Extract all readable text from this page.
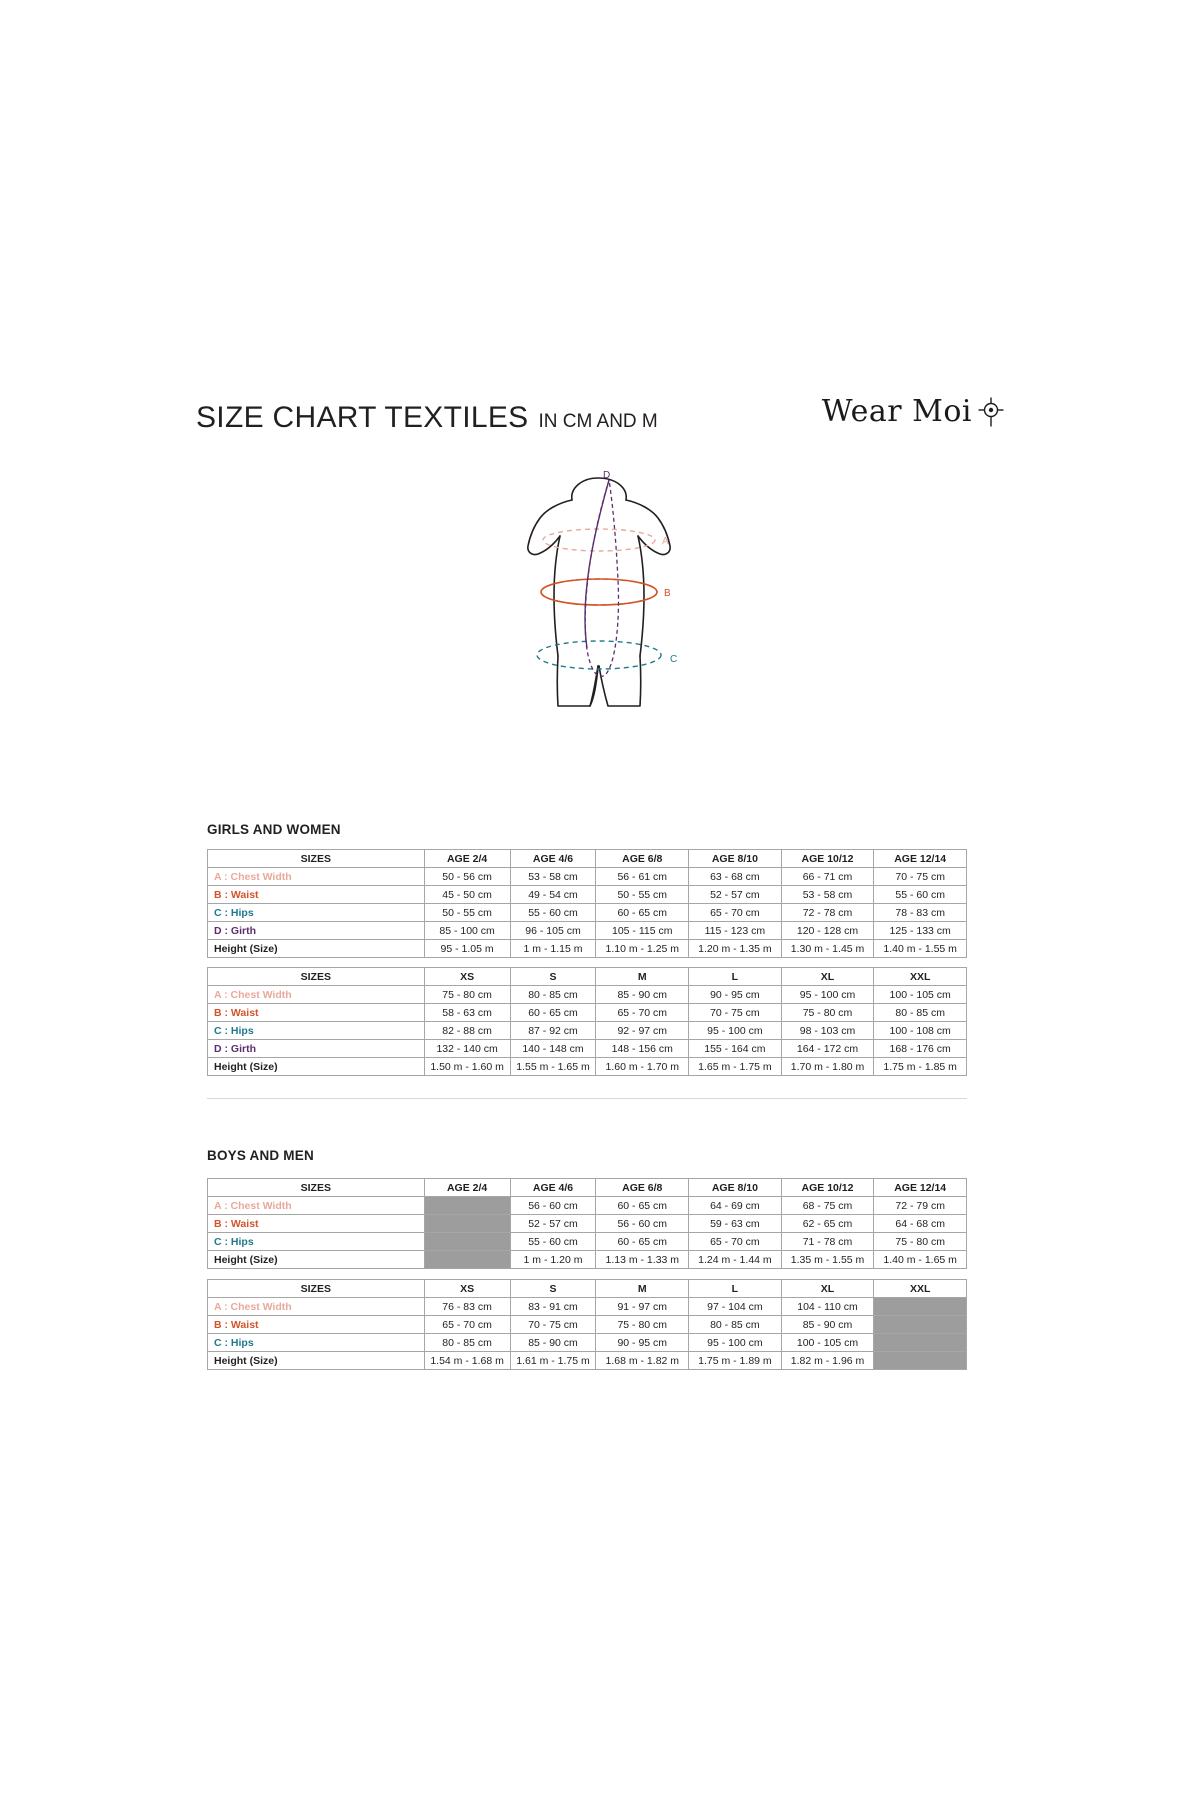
SIZE CHART TEXTILES IN CM AND M	Wear Moi
A
B
C
D
GIRLS AND WOMEN
SIZES	AGE 2/4	AGE 4/6	AGE 6/8	AGE 8/10	AGE 10/12	AGE 12/14
A : Chest Width	50 - 56 cm	53 - 58 cm	56 - 61 cm	63 - 68 cm	66 - 71 cm	70 - 75 cm
B : Waist	45 - 50 cm	49 - 54 cm	50 - 55 cm	52 - 57 cm	53 - 58 cm	55 - 60 cm
C : Hips	50 - 55 cm	55 - 60 cm	60 - 65 cm	65 - 70 cm	72 - 78 cm	78 - 83 cm
D : Girth	85 - 100 cm	96 - 105 cm	105 - 115 cm	115 - 123 cm	120 - 128 cm	125 - 133 cm
Height (Size)	95 - 1.05 m	1 m - 1.15 m	1.10 m - 1.25 m	1.20 m - 1.35 m	1.30 m - 1.45 m	1.40 m - 1.55 m
SIZES	XS	S	M	L	XL	XXL
A : Chest Width	75 - 80 cm	80 - 85 cm	85 - 90 cm	90 - 95 cm	95 - 100 cm	100 - 105 cm
B : Waist	58 - 63 cm	60 - 65 cm	65 - 70 cm	70 - 75 cm	75 - 80 cm	80 - 85 cm
C : Hips	82 - 88 cm	87 - 92 cm	92 - 97 cm	95 - 100 cm	98 - 103 cm	100 - 108 cm
D : Girth	132 - 140 cm	140 - 148 cm	148 - 156 cm	155 - 164 cm	164 - 172 cm	168 - 176 cm
Height (Size)	1.50 m - 1.60 m	1.55 m - 1.65 m	1.60 m - 1.70 m	1.65 m - 1.75 m	1.70 m - 1.80 m	1.75 m - 1.85 m
BOYS AND MEN
SIZES	AGE 2/4	AGE 4/6	AGE 6/8	AGE 8/10	AGE 10/12	AGE 12/14
A : Chest Width		56 - 60 cm	60 - 65 cm	64 - 69 cm	68 - 75 cm	72 - 79 cm
B : Waist		52 - 57 cm	56 - 60 cm	59 - 63 cm	62 - 65 cm	64 - 68 cm
C : Hips		55 - 60 cm	60 - 65 cm	65 - 70 cm	71 - 78 cm	75 - 80 cm
Height (Size)		1 m - 1.20 m	1.13 m - 1.33 m	1.24 m - 1.44 m	1.35 m - 1.55 m	1.40 m - 1.65 m
SIZES	XS	S	M	L	XL	XXL
A : Chest Width	76 - 83 cm	83 - 91 cm	91 - 97 cm	97 - 104 cm	104 - 110 cm	
B : Waist	65 - 70 cm	70 - 75 cm	75 - 80 cm	80 - 85 cm	85 - 90 cm	
C : Hips	80 - 85 cm	85 - 90 cm	90 - 95 cm	95 - 100 cm	100 - 105 cm	
Height (Size)	1.54 m - 1.68 m	1.61 m - 1.75 m	1.68 m - 1.82 m	1.75 m - 1.89 m	1.82 m - 1.96 m	
